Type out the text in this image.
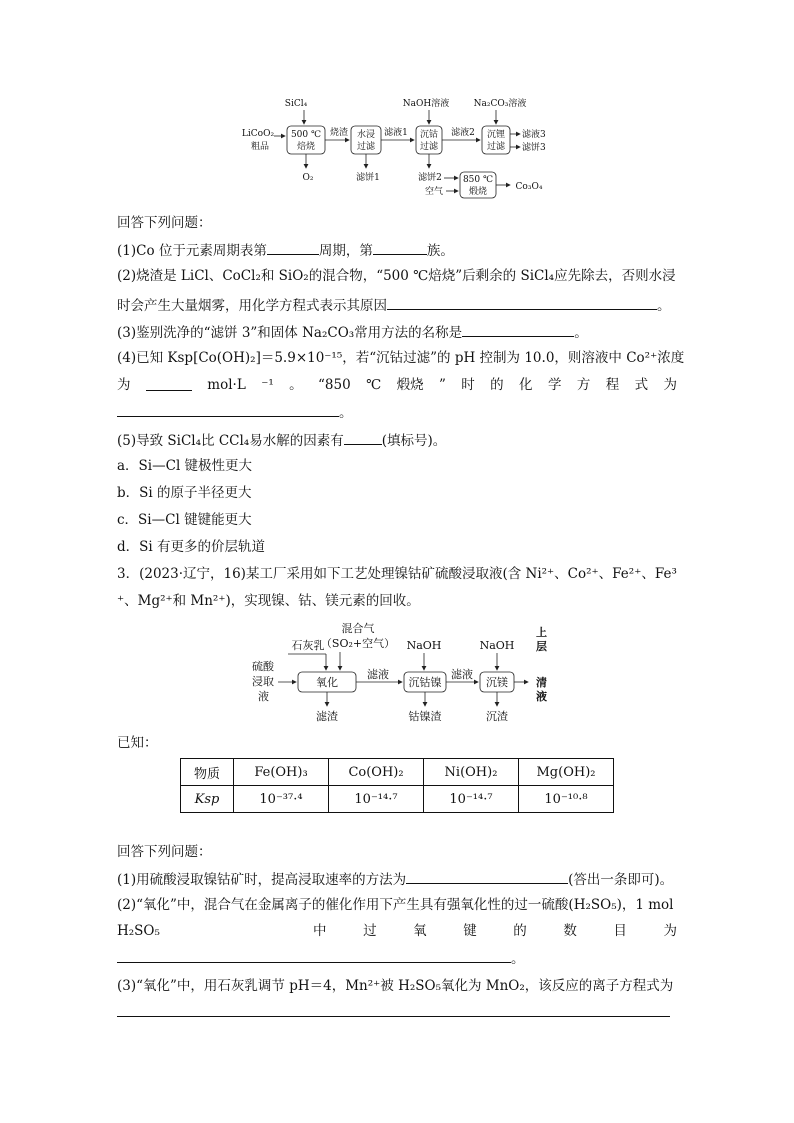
SiCl₄
LiCoO₂
粗品
500 ℃
焙烧
O₂
烧渣 水浸
过滤
滤饼1
滤液1
NaOH溶液
沉钴
过滤
滤液2
滤饼2
空气
850 ℃
煅烧	Co₃O₄
Na₂CO₃溶液
沉锂
过滤
滤液3
滤饼3
回答下列问题：
(1)Co 位于元素周期表第	周期，第	族。
(2)烧渣是 LiCl、CoCl₂和 SiO₂的混合物，“500 ℃焙烧”后剩余的 SiCl₄应先除去，否则水浸
时会产生大量烟雾，用化学方程式表示其原因	。
(3)鉴别洗净的“滤饼 3”和固体 Na₂CO₃常用方法的名称是	。
(4)已知 Ksp[Co(OH)₂]＝5.9×10⁻¹⁵，若“沉钴过滤”的 pH 控制为 10.0，则溶液中 Co²⁺浓度
为	mol·L ⁻¹ 。 “850 ℃ 煅烧 ” 时 的 化 学 方 程 式 为
。
(5)导致 SiCl₄比 CCl₄易水解的因素有	(填标号)。
a．Si—Cl 键极性更大
b．Si 的原子半径更大
c．Si—Cl 键键能更大
d．Si 有更多的价层轨道
3．(2023·辽宁，16)某工厂采用如下工艺处理镍钴矿硫酸浸取液(含 Ni²⁺、Co²⁺、Fe²⁺、Fe³
⁺、Mg²⁺和 Mn²⁺)，实现镍、钴、镁元素的回收。
混合气
（SO₂+空气）
石灰乳
硫酸
浸取
液
氧化
滤渣
滤液
NaOH
沉钴镍
钴镍渣
滤液
NaOH
沉镁
沉渣
上
层
清
液
已知：
物质	Fe(OH)₃	Co(OH)₂	Ni(OH)₂	Mg(OH)₂
Ksp	10⁻³⁷·⁴	10⁻¹⁴·⁷	10⁻¹⁴·⁷	10⁻¹⁰·⁸
回答下列问题：
(1)用硫酸浸取镍钴矿时，提高浸取速率的方法为	(答出一条即可)。
(2)“氧化”中，混合气在金属离子的催化作用下产生具有强氧化性的过一硫酸(H₂SO₅)，1 mol
H₂SO₅	中	过	氧	键	的	数	目	为
。
(3)“氧化”中，用石灰乳调节 pH＝4，Mn²⁺被 H₂SO₅氧化为 MnO₂，该反应的离子方程式为
